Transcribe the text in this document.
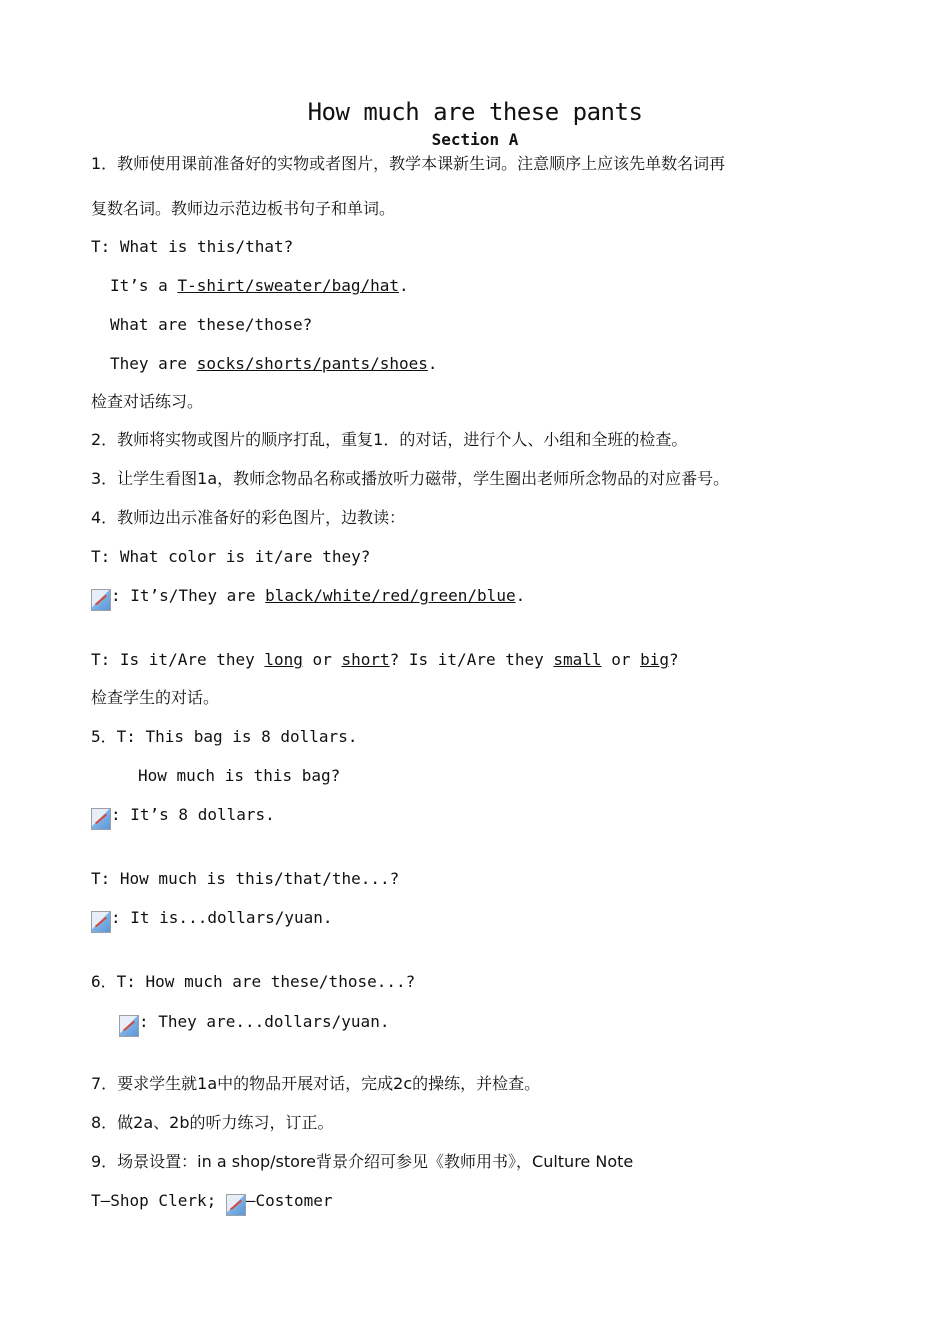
How much are these pants
Section A
1．教师使用课前准备好的实物或者图片，教学本课新生词。注意顺序上应该先单数名词再
复数名词。教师边示范边板书句子和单词。
T: What is this/that?
It’s a T-shirt/sweater/bag/hat.
What are these/those?
They are socks/shorts/pants/shoes.
检查对话练习。
2．教师将实物或图片的顺序打乱，重复1．的对话，进行个人、小组和全班的检查。
3．让学生看图1a，教师念物品名称或播放听力磁带，学生圈出老师所念物品的对应番号。
4．教师边出示准备好的彩色图片，边教读：
T: What color is it/are they?
: It’s/They are black/white/red/green/blue.
T: Is it/Are they long or short? Is it/Are they small or big?
检查学生的对话。
5．T: This bag is 8 dollars.
How much is this bag?
: It’s 8 dollars.
T: How much is this/that/the...?
: It is...dollars/yuan.
6．T: How much are these/those...?
: They are...dollars/yuan.
7．要求学生就1a中的物品开展对话，完成2c的操练，并检查。
8．做2a、2b的听力练习，订正。
9．场景设置：in a shop/store背景介绍可参见《教师用书》，Culture Note
T—Shop Clerk; —Costomer
